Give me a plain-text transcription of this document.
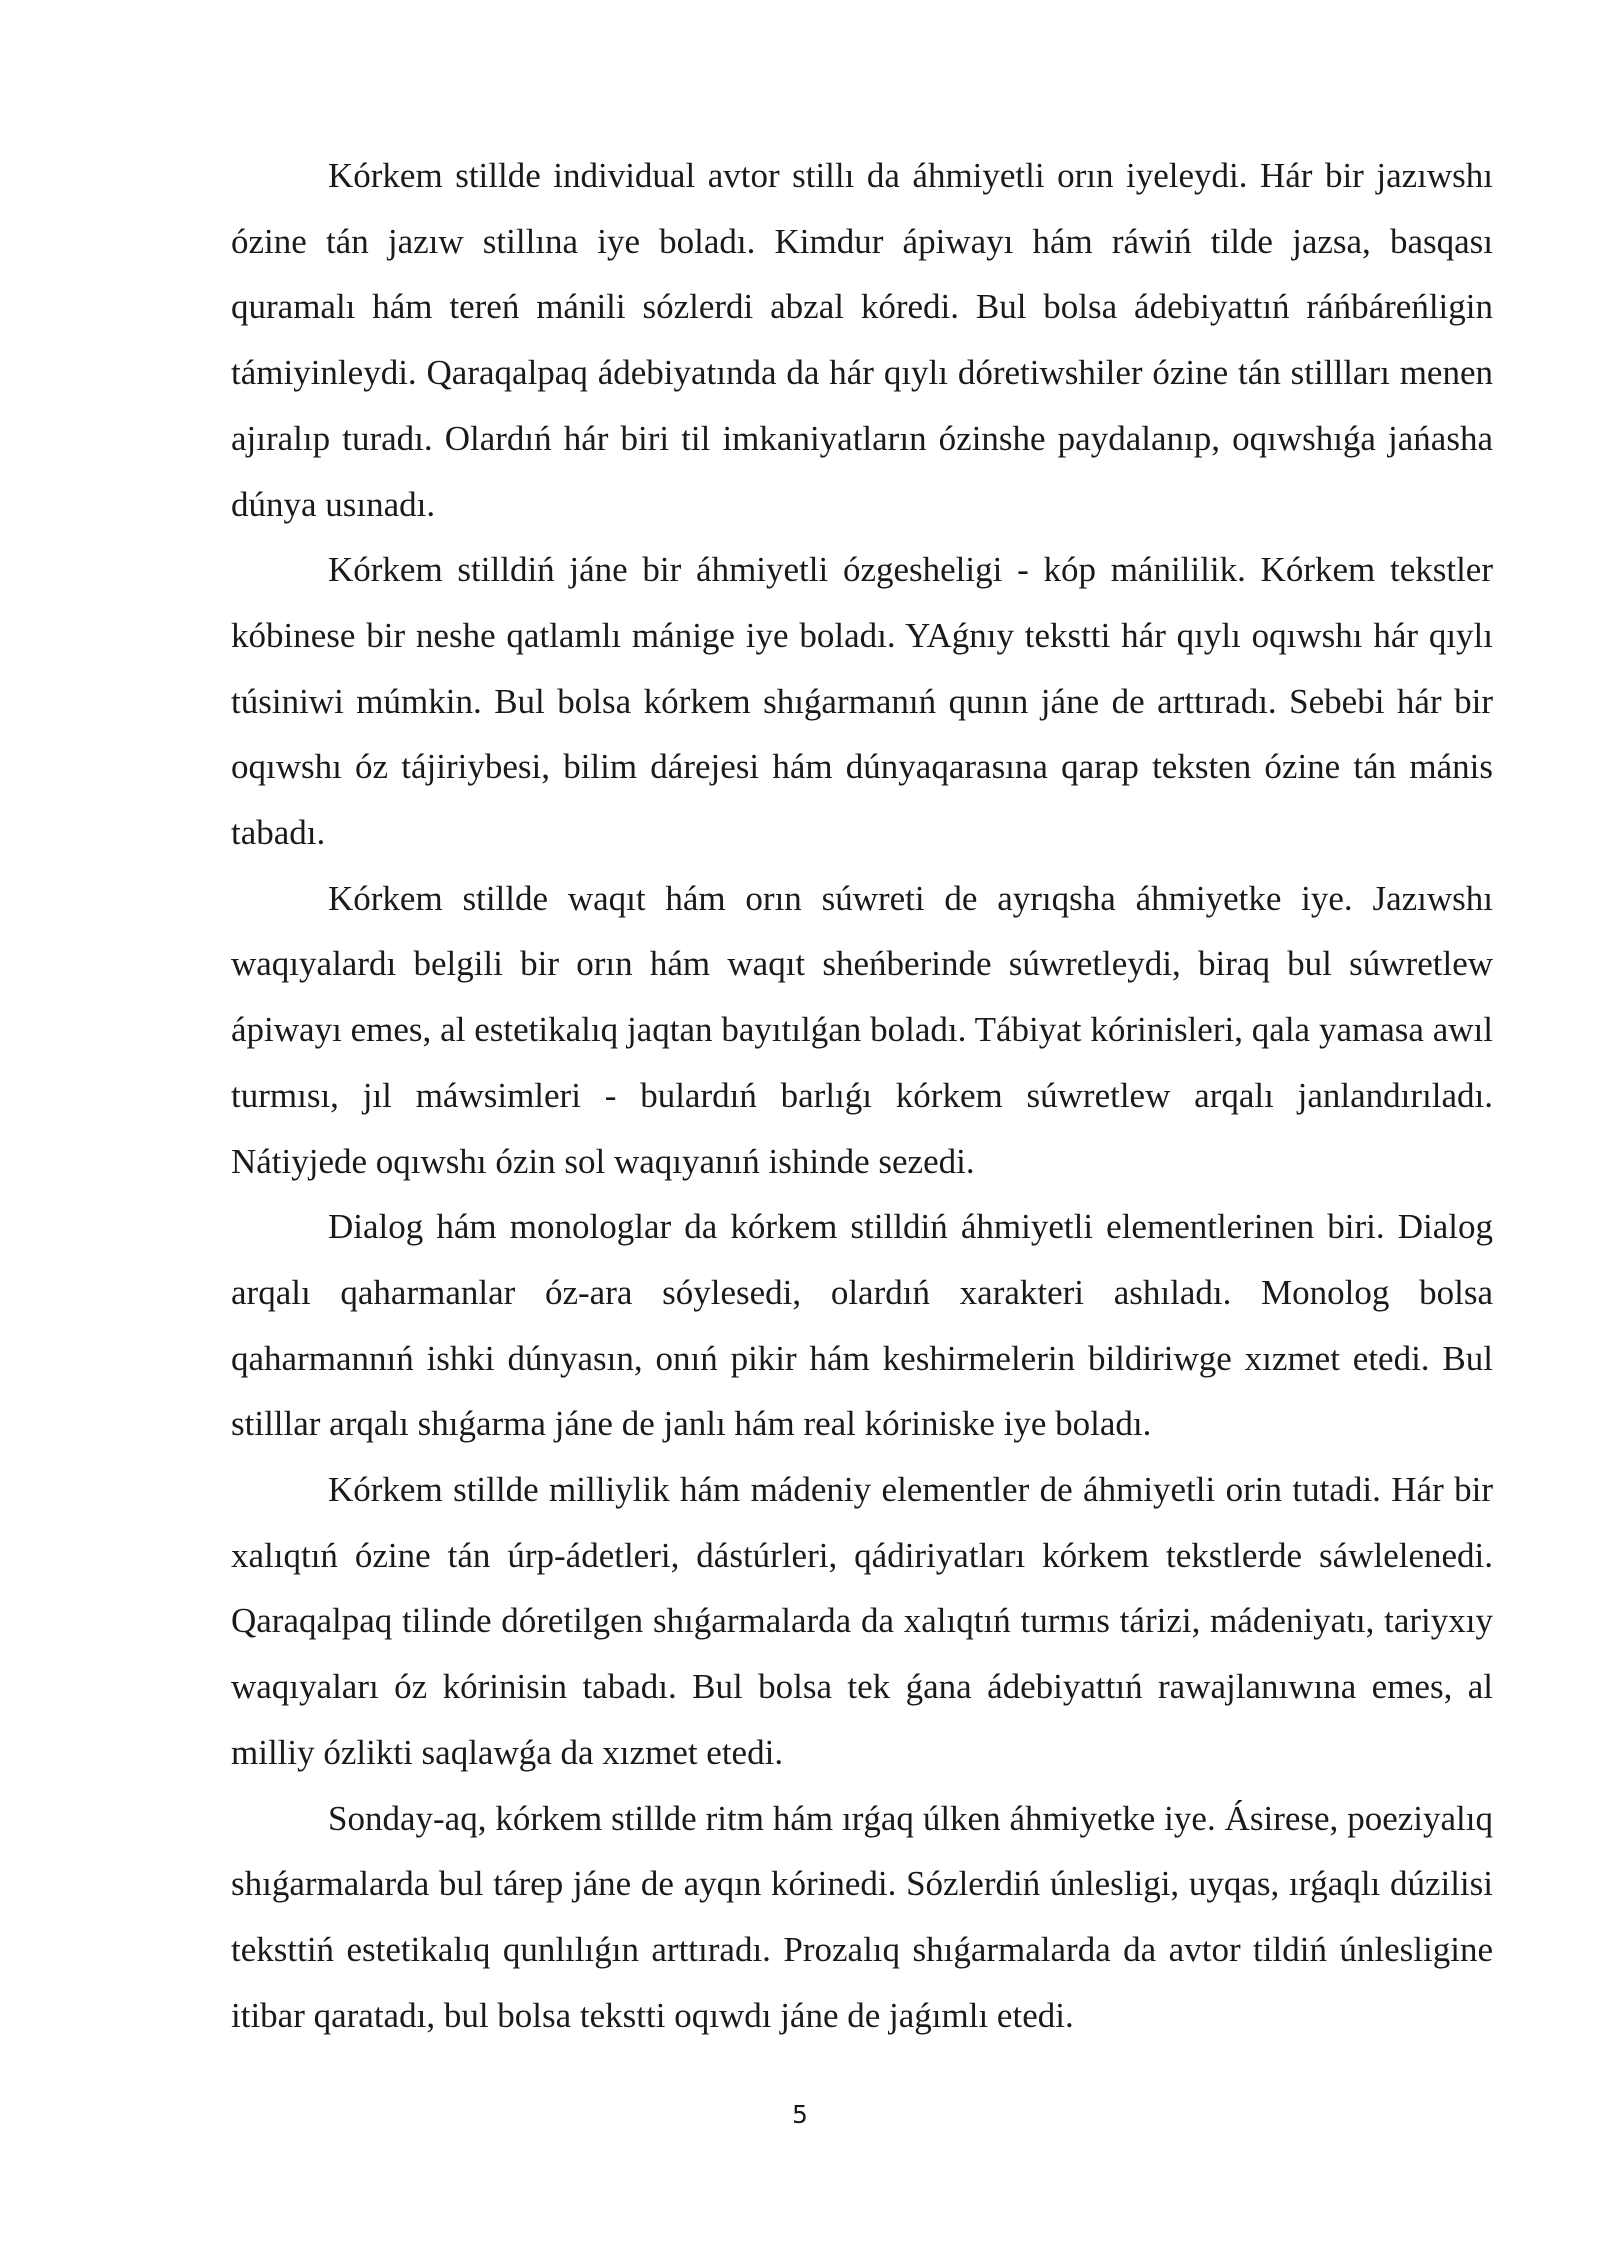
Kórkem stillde individual avtor stillı da áhmiyetli orın iyeleydi. Hár bir jazıwshı ózine tán jazıw stillına iye boladı. Kimdur ápiwayı hám ráwiń tilde jazsa, basqası quramalı hám tereń mánili sózlerdi abzal kóredi. Bul bolsa ádebiyattıń ráńbáreńligin támiyinleydi. Qaraqalpaq ádebiyatında da hár qıylı dóretiwshiler ózine tán stillları menen ajıralıp turadı. Olardıń hár biri til imkaniyatların ózinshe paydalanıp, oqıwshıǵa jańasha dúnya usınadı.

Kórkem stilldiń jáne bir áhmiyetli ózgesheligi - kóp mánililik. Kórkem tekstler kóbinese bir neshe qatlamlı mánige iye boladı. YAǵnıy tekstti hár qıylı oqıwshı hár qıylı túsiniwi múmkin. Bul bolsa kórkem shıǵarmanıń qunın jáne de arttıradı. Sebebi hár bir oqıwshı óz tájiriybesi, bilim dárejesi hám dúnyaqarasına qarap teksten ózine tán mánis tabadı.

Kórkem stillde waqıt hám orın súwreti de ayrıqsha áhmiyetke iye. Jazıwshı waqıyalardı belgili bir orın hám waqıt sheńberinde súwretleydi, biraq bul súwretlew ápiwayı emes, al estetikalıq jaqtan bayıtılǵan boladı. Tábiyat kórinisleri, qala yamasa awıl turmısı, jıl máwsimleri - bulardıń barlıǵı kórkem súwretlew arqalı janlandırıladı. Nátiyjede oqıwshı ózin sol waqıyanıń ishinde sezedi.

Dialog hám monologlar da kórkem stilldiń áhmiyetli elementlerinen biri. Dialog arqalı qaharmanlar óz-ara sóylesedi, olardıń xarakteri ashıladı. Monolog bolsa qaharmannıń ishki dúnyasın, onıń pikir hám keshirmelerin bildiriwge xızmet etedi. Bul stilllar arqalı shıǵarma jáne de janlı hám real kóriniske iye boladı.

Kórkem stillde milliylik hám mádeniy elementler de áhmiyetli orin tutadi. Hár bir xalıqtıń ózine tán úrp-ádetleri, dástúrleri, qádiriyatları kórkem tekstlerde sáwlelenedi. Qaraqalpaq tilinde dóretilgen shıǵarmalarda da xalıqtıń turmıs tárizi, mádeniyatı, tariyxıy waqıyaları óz kórinisin tabadı. Bul bolsa tek ǵana ádebiyattıń rawajlanıwına emes, al milliy ózlikti saqlawǵa da xızmet etedi.

Sonday-aq, kórkem stillde ritm hám ırǵaq úlken áhmiyetke iye. Ásirese, poeziyalıq shıǵarmalarda bul tárep jáne de ayqın kórinedi. Sózlerdiń únlesligi, uyqas, ırǵaqlı dúzilisi teksttiń estetikalıq qunlılıǵın arttıradı. Prozalıq shıǵarmalarda da avtor tildiń únlesligine itibar qaratadı, bul bolsa tekstti oqıwdı jáne de jaǵımlı etedi.

5
